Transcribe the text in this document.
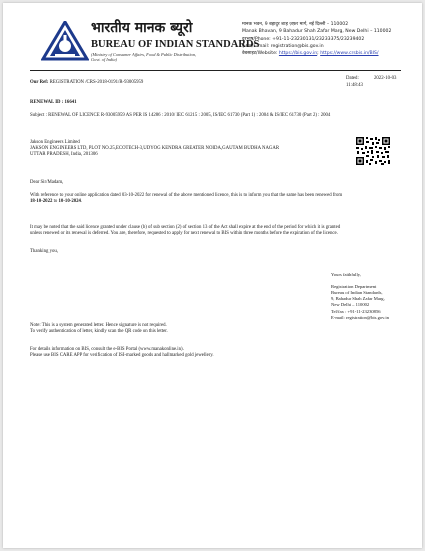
भारतीय मानक ब्यूरो
BUREAU OF INDIAN STANDARDS
(Ministry of Consumer Affairs, Food & Public Distribution,
Govt. of India)
मानक भवन, 9 बहादुर शाह ज़फ़र मार्ग, नई दिल्ली – 110002
Manak Bhavan, 9 Bahadur Shah Zafar Marg, New Delhi – 110002
दूरभाष/Phone: +91-11-23230131/23233375/23239402
ई-मेल/E-mail: registration@bis.gov.in
वेबसाइट/Website: https://bis.gov.in; https://www.crsbis.in/BIS/
Our Ref: REGISTRATION /CRS-2018-0191/R-93005959
Dated:	2022-10-03
11:48:43
RENEWAL ID : 16641
Subject : RENEWAL OF LICENCE R-93005959 AS PER IS 14286 : 2010/ IEC 61215 : 2005, IS/IEC 61730 (Part 1) : 2004 & IS/IEC 61730 (Part 2) : 2004
Jakson Engineers Limited
JAKSON ENGINEERS LTD, PLOT NO.25,ECOTECH-3,UDYOG KENDRA GREATER NOIDA,GAUTAM BUDHA NAGAR
UTTAR PRADESH, India, 201306
Dear Sir/Madam,
With reference to your online application dated 03-10-2022 for renewal of the above mentioned licence, this is to inform you that the same has been renewed from
18-10-2022 to 10-10-2024.
It may be noted that the said licence granted under clause (b) of sub section (2) of section 13 of the Act shall expire at the end of the period for which it is granted
unless renewed or its renewal is deferred. You are, therefore, requested to apply for next renewal to BIS within three months before the expiration of the licence.
Thanking you,
Yours faithfully,

Registration Department
Bureau of Indian Standards,
9, Bahadur Shah Zafar Marg,
New Delhi – 110002
Tel/fax : +91-11-23230856
E-mail: registration@bis.gov.in
Note: This is a system generated letter. Hence signature is not required.
To verify authentication of letter, kindly scan the QR code on this letter.
For details information on BIS, consult the e-BIS Portal (www.manakonline.in).
Please use BIS CARE APP for verification of ISI-marked goods and hallmarked gold jewellery.
